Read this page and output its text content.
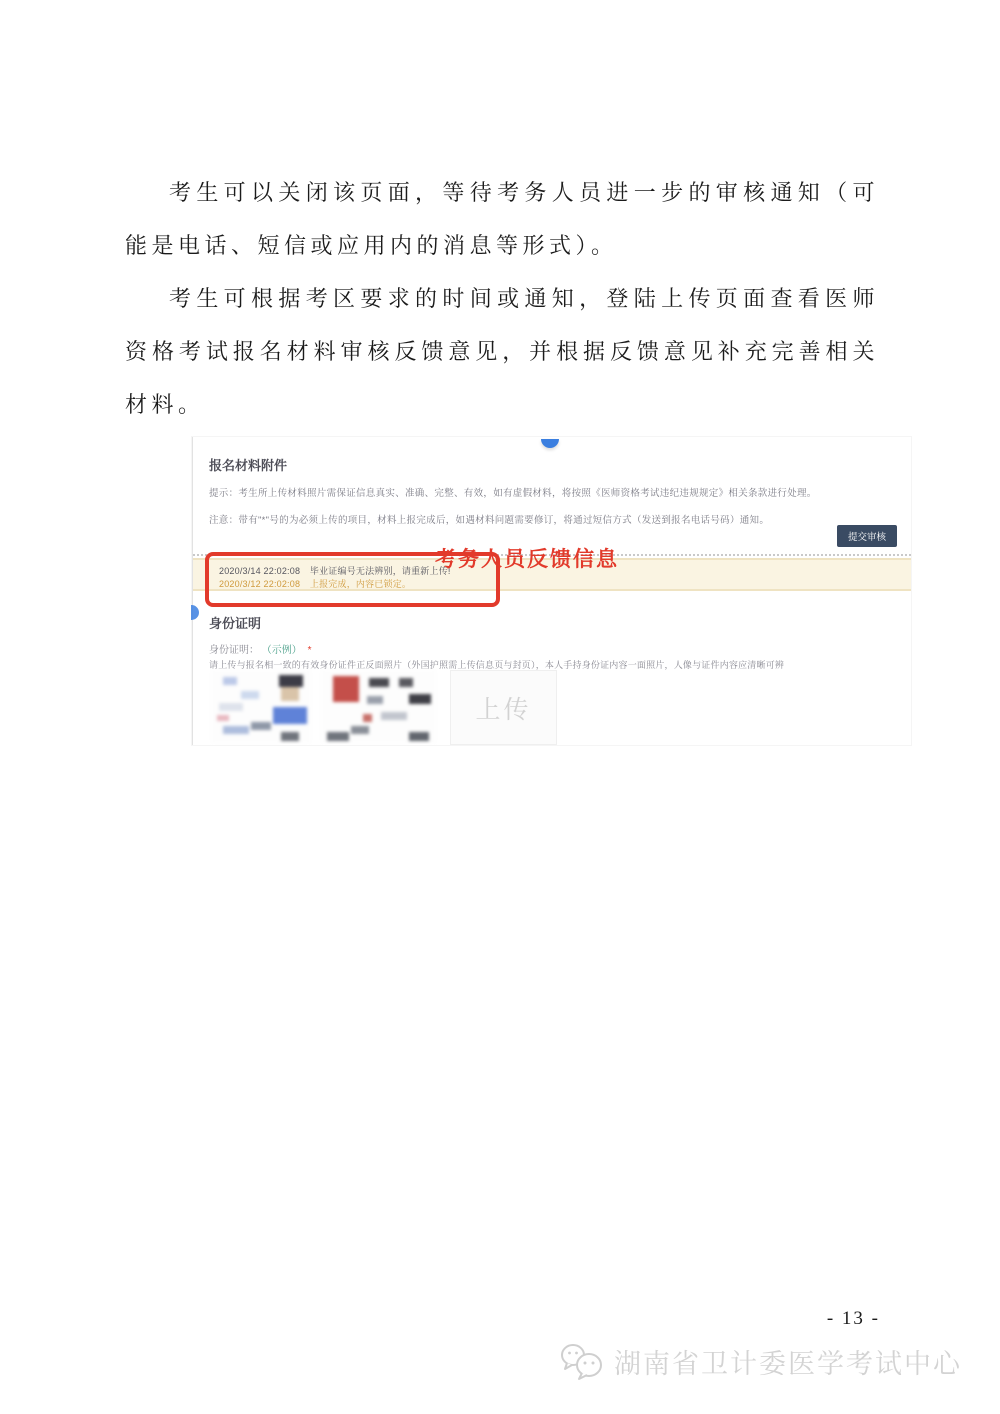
考生可以关闭该页面，等待考务人员进一步的审核通知（可能是电话、短信或应用内的消息等形式）。

考生可根据考区要求的时间或通知，登陆上传页面查看医师资格考试报名材料审核反馈意见，并根据反馈意见补充完善相关材料。

报名材料附件
提示：考生所上传材料照片需保证信息真实、准确、完整、有效，如有虚假材料，将按照《医师资格考试违纪违规规定》相关条款进行处理。
注意：带有"*"号的为必须上传的项目，材料上报完成后，如遇材料问题需要修订，将通过短信方式（发送到报名电话号码）通知。
提交审核
2020/3/14 22:02:08 毕业证编号无法辨别，请重新上传!
2020/3/12 22:02:08 上报完成，内容已锁定。
考务人员反馈信息
身份证明
身份证明： （示例） *
请上传与报名相一致的有效身份证件正反面照片（外国护照需上传信息页与封页），本人手持身份证内容一面照片，人像与证件内容应清晰可辨
上传
- 13 -
湖南省卫计委医学考试中心
